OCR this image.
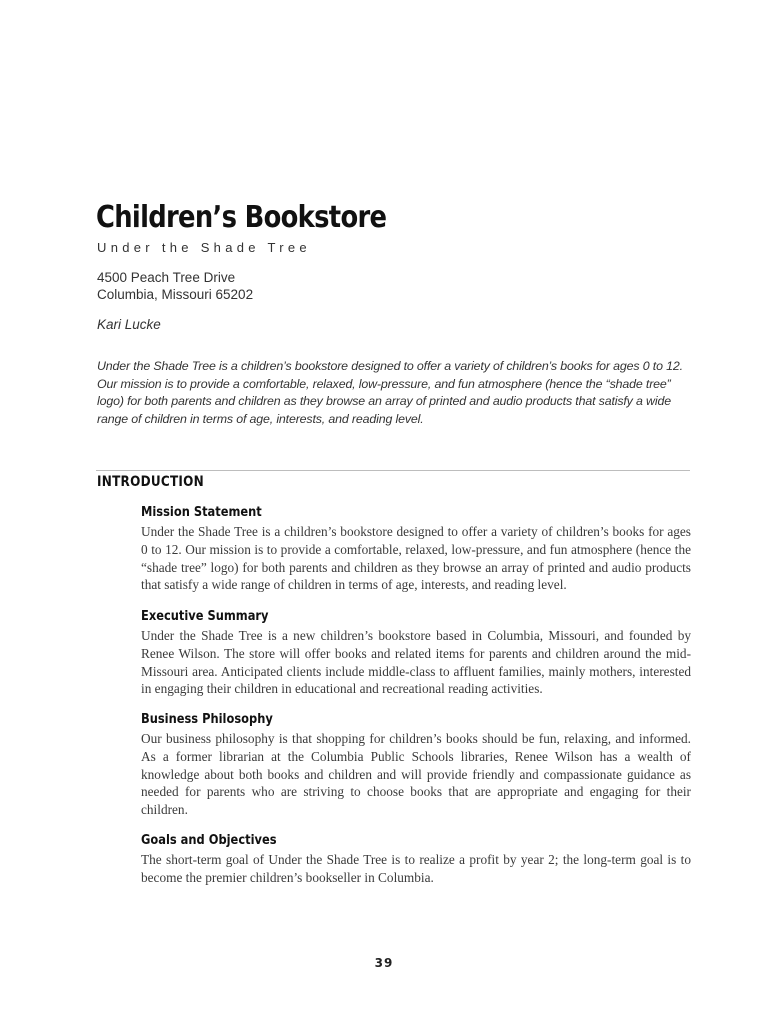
Children’s Bookstore
Under the Shade Tree
4500 Peach Tree Drive
Columbia, Missouri 65202
Kari Lucke
Under the Shade Tree is a children’s bookstore designed to offer a variety of children’s books for ages 0 to 12. Our mission is to provide a comfortable, relaxed, low-pressure, and fun atmosphere (hence the “shade tree” logo) for both parents and children as they browse an array of printed and audio products that satisfy a wide range of children in terms of age, interests, and reading level.
INTRODUCTION
Mission Statement

Under the Shade Tree is a children’s bookstore designed to offer a variety of children’s books for ages 0 to 12. Our mission is to provide a comfortable, relaxed, low-pressure, and fun atmosphere (hence the “shade tree” logo) for both parents and children as they browse an array of printed and audio products that satisfy a wide range of children in terms of age, interests, and reading level.

Executive Summary

Under the Shade Tree is a new children’s bookstore based in Columbia, Missouri, and founded by Renee Wilson. The store will offer books and related items for parents and children around the mid-Missouri area. Anticipated clients include middle-class to affluent families, mainly mothers, interested in engaging their children in educational and recreational reading activities.

Business Philosophy

Our business philosophy is that shopping for children’s books should be fun, relaxing, and informed. As a former librarian at the Columbia Public Schools libraries, Renee Wilson has a wealth of knowledge about both books and children and will provide friendly and compassionate guidance as needed for parents who are striving to choose books that are appropriate and engaging for their children.

Goals and Objectives

The short-term goal of Under the Shade Tree is to realize a profit by year 2; the long-term goal is to become the premier children’s bookseller in Columbia.

39
